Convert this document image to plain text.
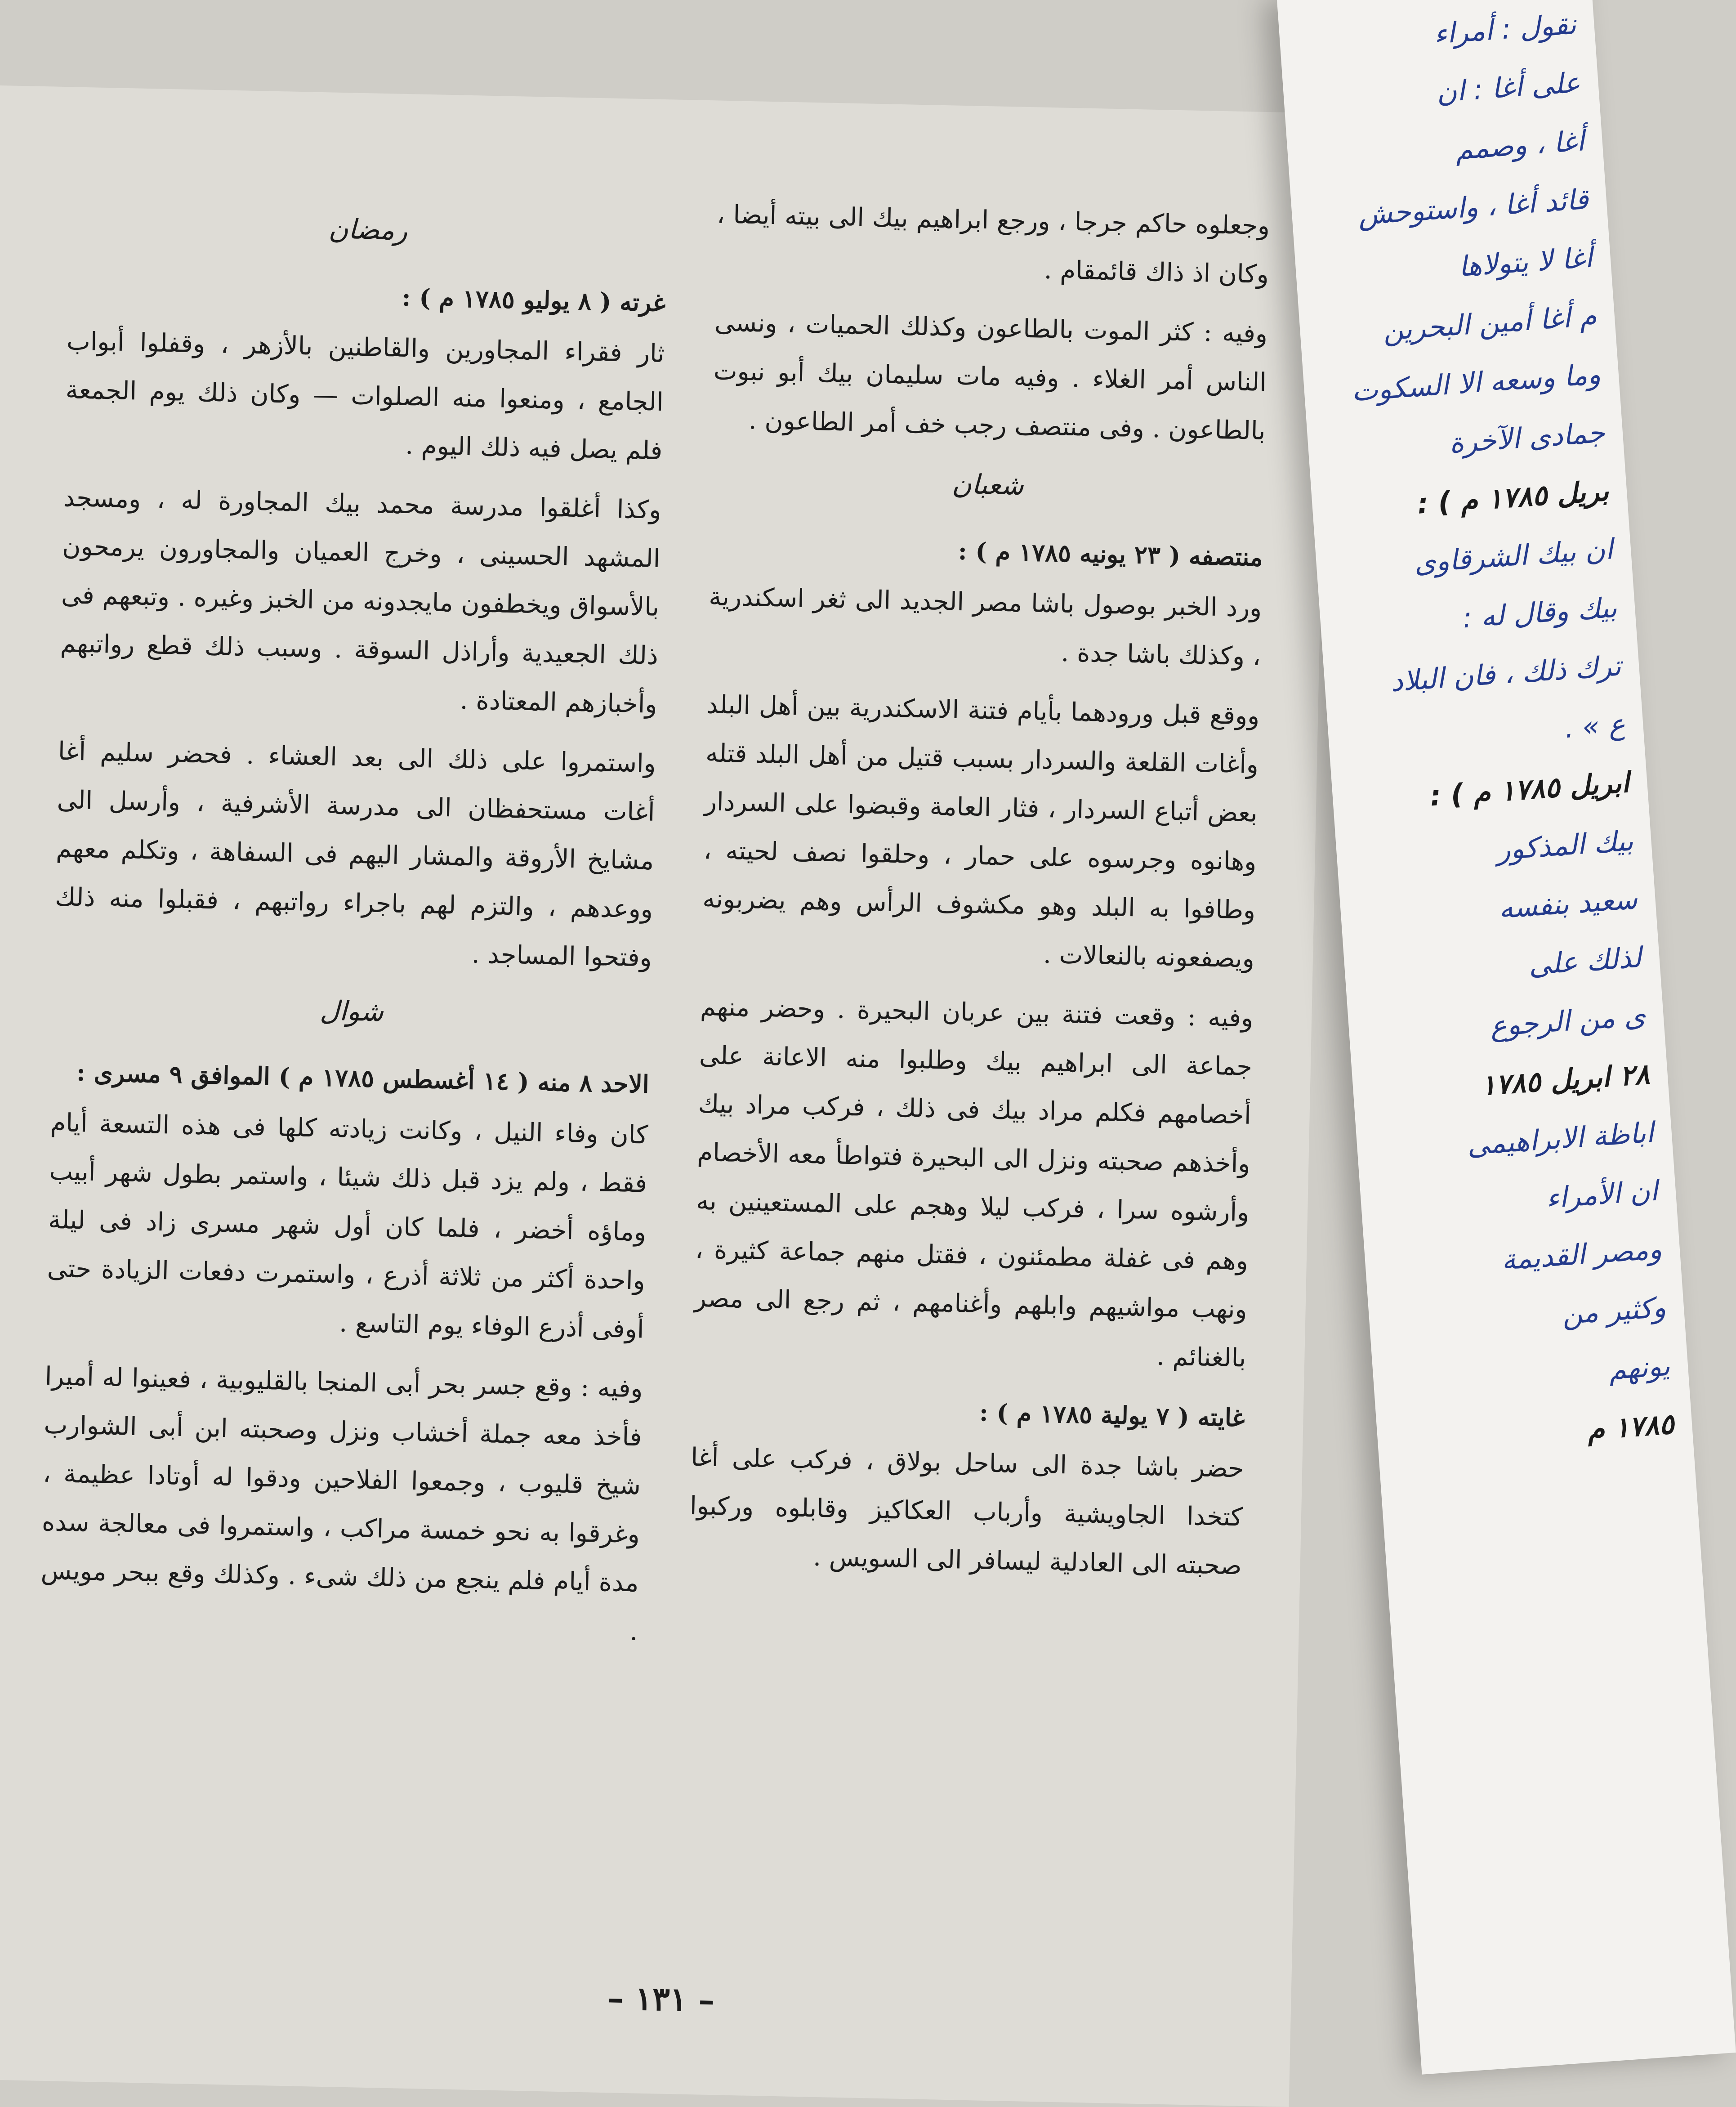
وجعلوه حاكم جرجا ، ورجع ابراهيم بيك الى بيته أيضا ، وكان اذ ذاك قائمقام .

وفيه : كثر الموت بالطاعون وكذلك الحميات ، ونسى الناس أمر الغلاء . وفيه مات سليمان بيك أبو نبوت بالطاعون . وفى منتصف رجب خف أمر الطاعون .

شعبان
منتصفه ( ٢٣ يونيه ١٧٨٥ م ) :

ورد الخبر بوصول باشا مصر الجديد الى ثغر اسكندرية ، وكذلك باشا جدة .

ووقع قبل ورودهما بأيام فتنة الاسكندرية بين أهل البلد وأغات القلعة والسردار بسبب قتيل من أهل البلد قتله بعض أتباع السردار ، فثار العامة وقبضوا على السردار وهانوه وجرسوه على حمار ، وحلقوا نصف لحيته ، وطافوا به البلد وهو مكشوف الرأس وهم يضربونه ويصفعونه بالنعالات .

وفيه : وقعت فتنة بين عربان البحيرة . وحضر منهم جماعة الى ابراهيم بيك وطلبوا منه الاعانة على أخصامهم فكلم مراد بيك فى ذلك ، فركب مراد بيك وأخذهم صحبته ونزل الى البحيرة فتواطأ معه الأخصام وأرشوه سرا ، فركب ليلا وهجم على المستعينين به وهم فى غفلة مطمئنون ، فقتل منهم جماعة كثيرة ، ونهب مواشيهم وابلهم وأغنامهم ، ثم رجع الى مصر بالغنائم .

غايته ( ٧ يولية ١٧٨٥ م ) :

حضر باشا جدة الى ساحل بولاق ، فركب على أغا كتخدا الجاويشية وأرباب العكاكيز وقابلوه وركبوا صحبته الى العادلية ليسافر الى السويس .

رمضان
غرته ( ٨ يوليو ١٧٨٥ م ) :

ثار فقراء المجاورين والقاطنين بالأزهر ، وقفلوا أبواب الجامع ، ومنعوا منه الصلوات — وكان ذلك يوم الجمعة فلم يصل فيه ذلك اليوم .

وكذا أغلقوا مدرسة محمد بيك المجاورة له ، ومسجد المشهد الحسينى ، وخرج العميان والمجاورون يرمحون بالأسواق ويخطفون مايجدونه من الخبز وغيره . وتبعهم فى ذلك الجعيدية وأراذل السوقة . وسبب ذلك قطع رواتبهم وأخبازهم المعتادة .

واستمروا على ذلك الى بعد العشاء . فحضر سليم أغا أغات مستحفظان الى مدرسة الأشرفية ، وأرسل الى مشايخ الأروقة والمشار اليهم فى السفاهة ، وتكلم معهم ووعدهم ، والتزم لهم باجراء رواتبهم ، فقبلوا منه ذلك وفتحوا المساجد .

شوال
الاحد ٨ منه ( ١٤ أغسطس ١٧٨٥ م ) الموافق ٩ مسرى :

كان وفاء النيل ، وكانت زيادته كلها فى هذه التسعة أيام فقط ، ولم يزد قبل ذلك شيئا ، واستمر بطول شهر أبيب وماؤه أخضر ، فلما كان أول شهر مسرى زاد فى ليلة واحدة أكثر من ثلاثة أذرع ، واستمرت دفعات الزيادة حتى أوفى أذرع الوفاء يوم التاسع .

وفيه : وقع جسر بحر أبى المنجا بالقليوبية ، فعينوا له أميرا فأخذ معه جملة أخشاب ونزل وصحبته ابن أبى الشوارب شيخ قليوب ، وجمعوا الفلاحين ودقوا له أوتادا عظيمة ، وغرقوا به نحو خمسة مراكب ، واستمروا فى معالجة سده مدة أيام فلم ينجع من ذلك شىء . وكذلك وقع ببحر مويس .

– ١٣١ –

نقول : أمراء

على أغا : ان

أغا ، وصمم

قائد أغا ، واستوحش

أغا لا يتولاها

م أغا أمين البحرين

وما وسعه الا السكوت

جمادى الآخرة

بريل ١٧٨٥ م ) :

ان بيك الشرقاوى

بيك وقال له :

ترك ذلك ، فان البلاد

ع » .

ابريل ١٧٨٥ م ) :

بيك المذكور

سعيد بنفسه

لذلك على

ى من الرجوع

٢٨ ابريل ١٧٨٥

اباظة الابراهيمى

ان الأمراء

ومصر القديمة

وكثير من

يونهم

١٧٨٥ م
